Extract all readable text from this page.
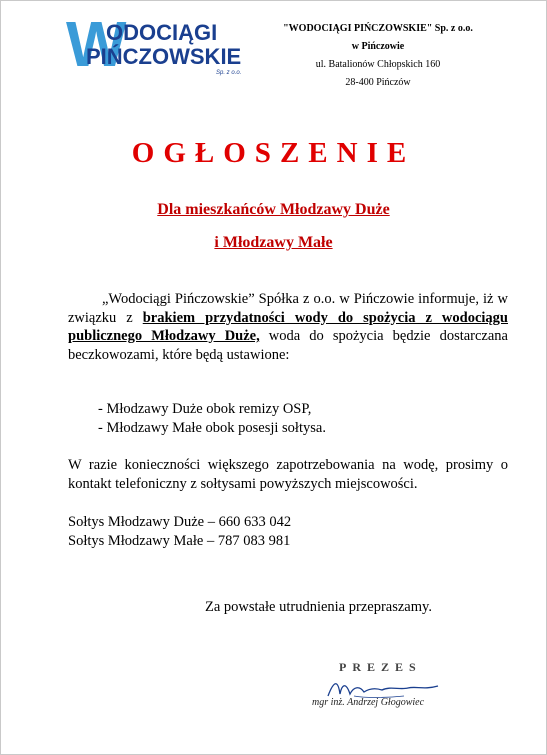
W
ODOCIĄGI
PIŃCZOWSKIE
Sp. z o.o.
"WODOCIĄGI PIŃCZOWSKIE" Sp. z o.o.
w Pińczowie
ul. Batalionów Chłopskich 160
28-400 Pińczów
OGŁOSZENIE
Dla mieszkańców Młodzawy Duże
i Młodzawy Małe
„Wodociągi Pińczowskie” Spółka z o.o. w Pińczowie informuje, iż w związku z brakiem przydatności wody do spożycia z wodociągu publicznego Młodzawy Duże, woda do spożycia będzie dostarczana beczkowozami, które będą ustawione:
- Młodzawy Duże obok remizy OSP,
- Młodzawy Małe obok posesji sołtysa.
W razie konieczności większego zapotrzebowania na wodę, prosimy o kontakt telefoniczny z sołtysami powyższych miejscowości.
Sołtys Młodzawy Duże – 660 633 042
Sołtys Młodzawy Małe – 787 083 981
Za powstałe utrudnienia przepraszamy.
PREZES
mgr inż. Andrzej Głogowiec
